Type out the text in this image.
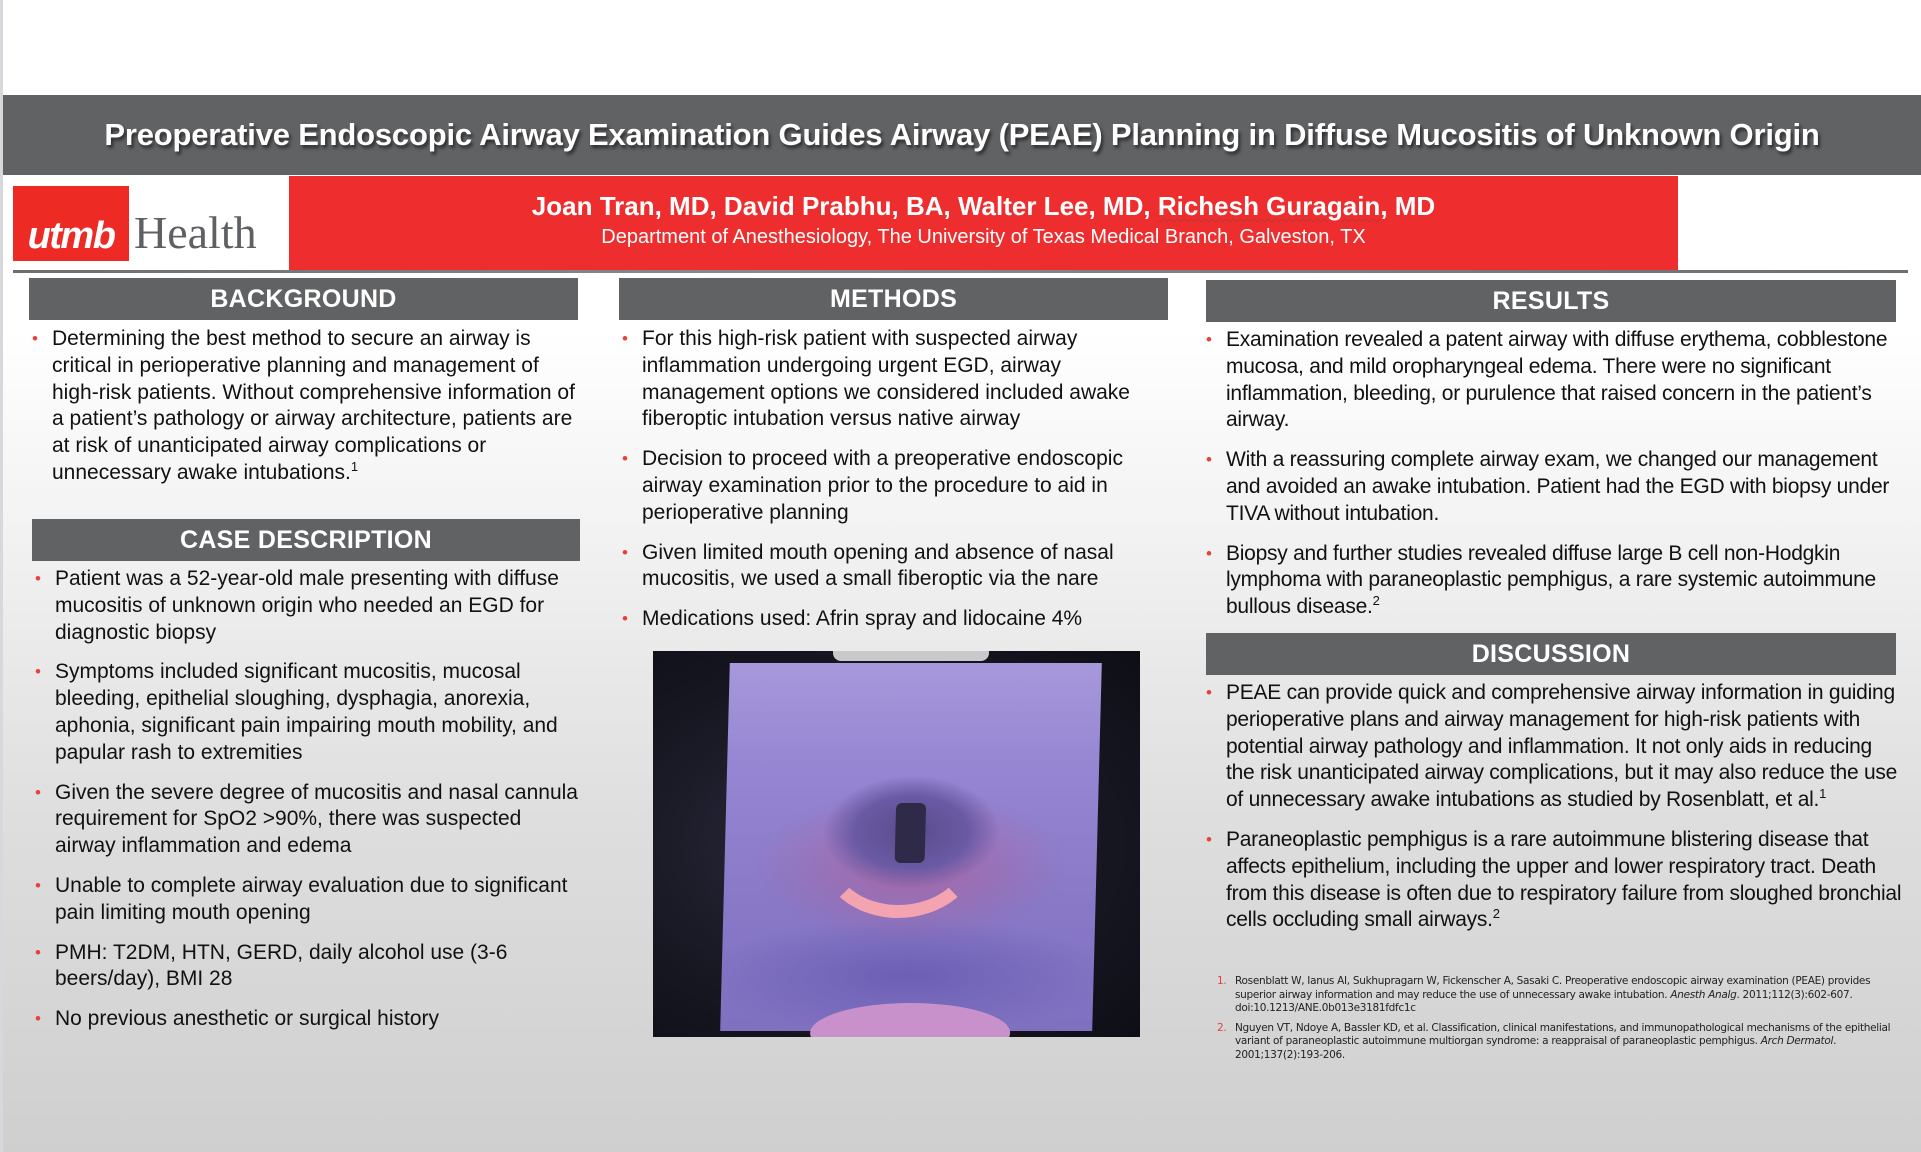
Preoperative Endoscopic Airway Examination Guides Airway (PEAE) Planning in Diffuse Mucositis of Unknown Origin
utmb Health
Joan Tran, MD, David Prabhu, BA, Walter Lee, MD, Richesh Guragain, MD
Department of Anesthesiology, The University of Texas Medical Branch, Galveston, TX
BACKGROUND
• Determining the best method to secure an airway is critical in perioperative planning and management of high-risk patients. Without comprehensive information of a patient’s pathology or airway architecture, patients are at risk of unanticipated airway complications or unnecessary awake intubations.$^1$
CASE DESCRIPTION
• Patient was a 52-year-old male presenting with diffuse mucositis of unknown origin who needed an EGD for diagnostic biopsy
• Symptoms included significant mucositis, mucosal bleeding, epithelial sloughing, dysphagia, anorexia, aphonia, significant pain impairing mouth mobility, and papular rash to extremities
• Given the severe degree of mucositis and nasal cannula requirement for SpO2 >90%, there was suspected airway inflammation and edema
• Unable to complete airway evaluation due to significant pain limiting mouth opening
• PMH: T2DM, HTN, GERD, daily alcohol use (3-6 beers/day), BMI 28
• No previous anesthetic or surgical history
METHODS
• For this high-risk patient with suspected airway inflammation undergoing urgent EGD, airway management options we considered included awake fiberoptic intubation versus native airway
• Decision to proceed with a preoperative endoscopic airway examination prior to the procedure to aid in perioperative planning
• Given limited mouth opening and absence of nasal mucositis, we used a small fiberoptic via the nare
• Medications used: Afrin spray and lidocaine 4%
RESULTS
• Examination revealed a patent airway with diffuse erythema, cobblestone mucosa, and mild oropharyngeal edema. There were no significant inflammation, bleeding, or purulence that raised concern in the patient’s airway.
• With a reassuring complete airway exam, we changed our management and avoided an awake intubation. Patient had the EGD with biopsy under TIVA without intubation.
• Biopsy and further studies revealed diffuse large B cell non-Hodgkin lymphoma with paraneoplastic pemphigus, a rare systemic autoimmune bullous disease.$^2$
DISCUSSION
• PEAE can provide quick and comprehensive airway information in guiding perioperative plans and airway management for high-risk patients with potential airway pathology and inflammation. It not only aids in reducing the risk unanticipated airway complications, but it may also reduce the use of unnecessary awake intubations as studied by Rosenblatt, et al.$^1$
• Paraneoplastic pemphigus is a rare autoimmune blistering disease that affects epithelium, including the upper and lower respiratory tract. Death from this disease is often due to respiratory failure from sloughed bronchial cells occluding small airways.$^2$
1. Rosenblatt W, Ianus AI, Sukhupragarn W, Fickenscher A, Sasaki C. Preoperative endoscopic airway examination (PEAE) provides superior airway information and may reduce the use of unnecessary awake intubation. Anesth Analg. 2011;112(3):602-607. doi:10.1213/ANE.0b013e3181fdfc1c
2. Nguyen VT, Ndoye A, Bassler KD, et al. Classification, clinical manifestations, and immunopathological mechanisms of the epithelial variant of paraneoplastic autoimmune multiorgan syndrome: a reappraisal of paraneoplastic pemphigus. Arch Dermatol. 2001;137(2):193-206.
